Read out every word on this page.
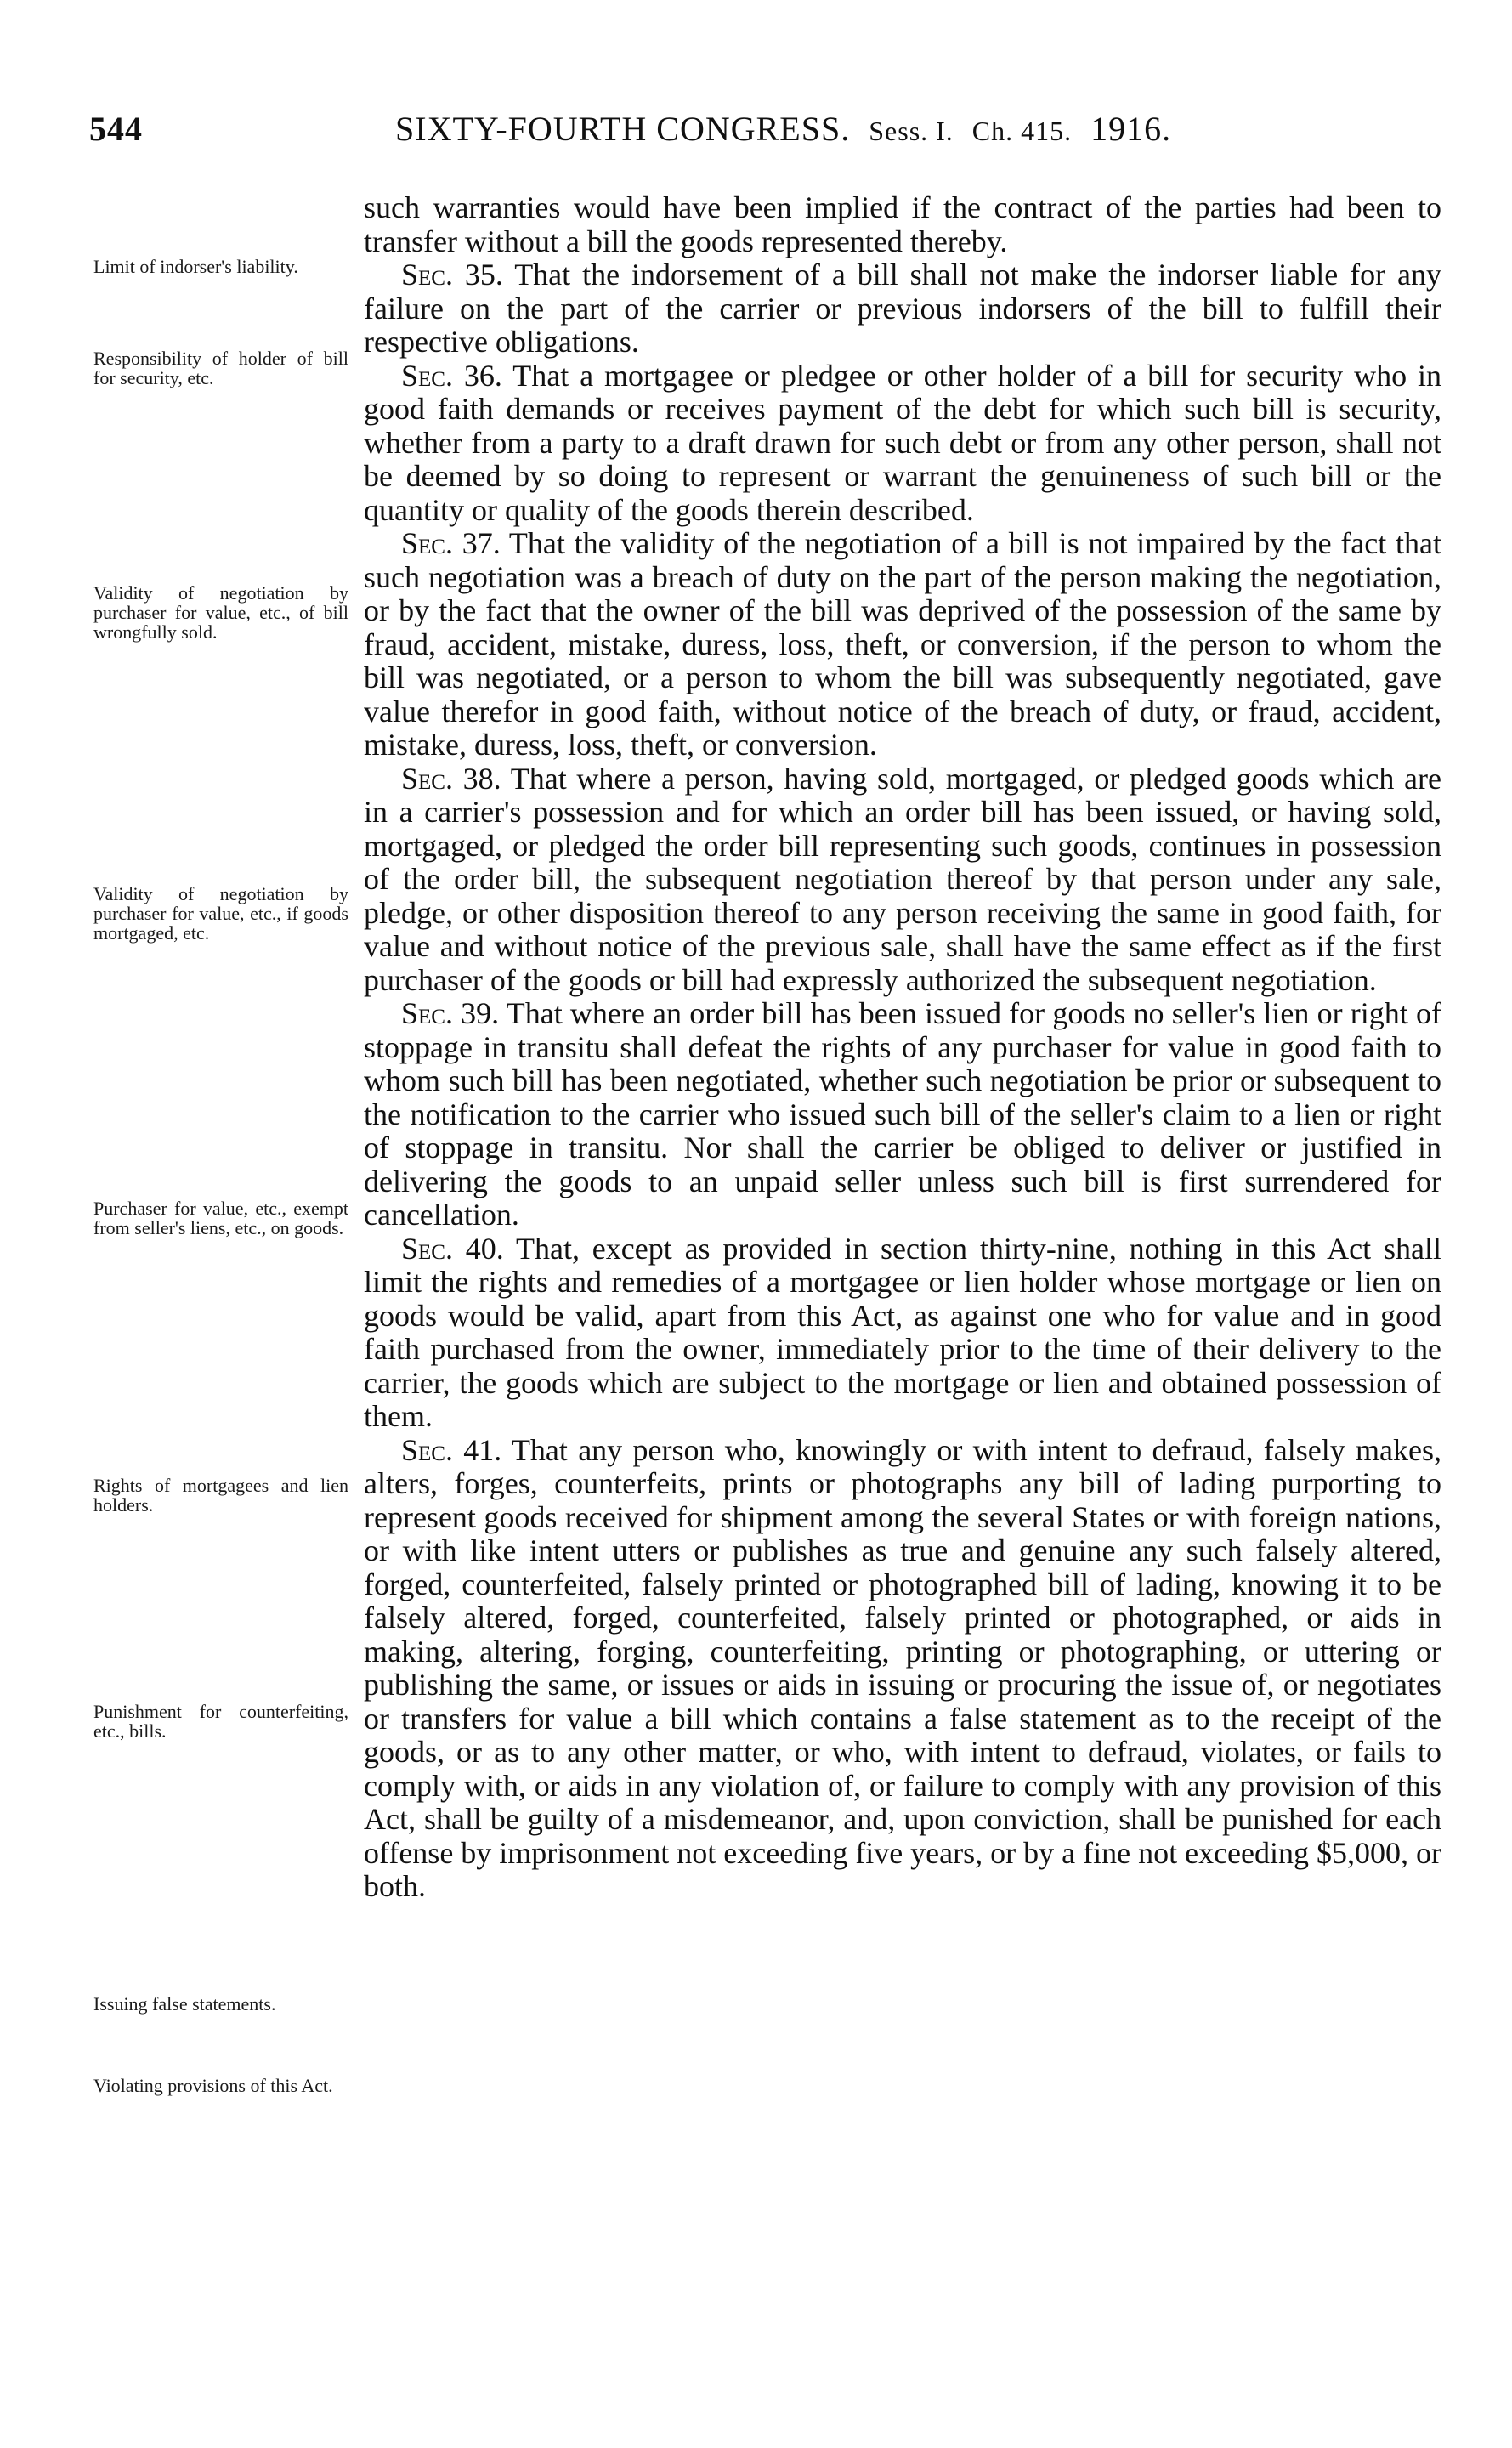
544	SIXTY-FOURTH CONGRESS. Sess. I. Ch. 415. 1916.
Limit of indorser's liability.
Responsibility of holder of bill for security, etc.
Validity of negotiation by purchaser for value, etc., of bill wrongfully sold.
Validity of negotiation by purchaser for value, etc., if goods mortgaged, etc.
Purchaser for value, etc., exempt from seller's liens, etc., on goods.
Rights of mortgagees and lien holders.
Punishment for counterfeiting, etc., bills.
Issuing false statements.
Violating provisions of this Act.

such warranties would have been implied if the contract of the parties had been to transfer without a bill the goods represented thereby.

Sec. 35. That the indorsement of a bill shall not make the indorser liable for any failure on the part of the carrier or previous indorsers of the bill to fulfill their respective obligations.

Sec. 36. That a mortgagee or pledgee or other holder of a bill for security who in good faith demands or receives payment of the debt for which such bill is security, whether from a party to a draft drawn for such debt or from any other person, shall not be deemed by so doing to represent or warrant the genuineness of such bill or the quantity or quality of the goods therein described.

Sec. 37. That the validity of the negotiation of a bill is not impaired by the fact that such negotiation was a breach of duty on the part of the person making the negotiation, or by the fact that the owner of the bill was deprived of the possession of the same by fraud, accident, mistake, duress, loss, theft, or conversion, if the person to whom the bill was negotiated, or a person to whom the bill was subsequently negotiated, gave value therefor in good faith, without notice of the breach of duty, or fraud, accident, mistake, duress, loss, theft, or conversion.

Sec. 38. That where a person, having sold, mortgaged, or pledged goods which are in a carrier's possession and for which an order bill has been issued, or having sold, mortgaged, or pledged the order bill representing such goods, continues in possession of the order bill, the subsequent negotiation thereof by that person under any sale, pledge, or other disposition thereof to any person receiving the same in good faith, for value and without notice of the previous sale, shall have the same effect as if the first purchaser of the goods or bill had expressly authorized the subsequent negotiation.

Sec. 39. That where an order bill has been issued for goods no seller's lien or right of stoppage in transitu shall defeat the rights of any purchaser for value in good faith to whom such bill has been negotiated, whether such negotiation be prior or subsequent to the notification to the carrier who issued such bill of the seller's claim to a lien or right of stoppage in transitu. Nor shall the carrier be obliged to deliver or justified in delivering the goods to an unpaid seller unless such bill is first surrendered for cancellation.

Sec. 40. That, except as provided in section thirty-nine, nothing in this Act shall limit the rights and remedies of a mortgagee or lien holder whose mortgage or lien on goods would be valid, apart from this Act, as against one who for value and in good faith purchased from the owner, immediately prior to the time of their delivery to the carrier, the goods which are subject to the mortgage or lien and obtained possession of them.

Sec. 41. That any person who, knowingly or with intent to defraud, falsely makes, alters, forges, counterfeits, prints or photographs any bill of lading purporting to represent goods received for shipment among the several States or with foreign nations, or with like intent utters or publishes as true and genuine any such falsely altered, forged, counterfeited, falsely printed or photographed bill of lading, knowing it to be falsely altered, forged, counterfeited, falsely printed or photographed, or aids in making, altering, forging, counterfeiting, printing or photographing, or uttering or publishing the same, or issues or aids in issuing or procuring the issue of, or negotiates or transfers for value a bill which contains a false statement as to the receipt of the goods, or as to any other matter, or who, with intent to defraud, violates, or fails to comply with, or aids in any violation of, or failure to comply with any provision of this Act, shall be guilty of a misdemeanor, and, upon conviction, shall be punished for each offense by imprisonment not exceeding five years, or by a fine not exceeding $5,000, or both.
